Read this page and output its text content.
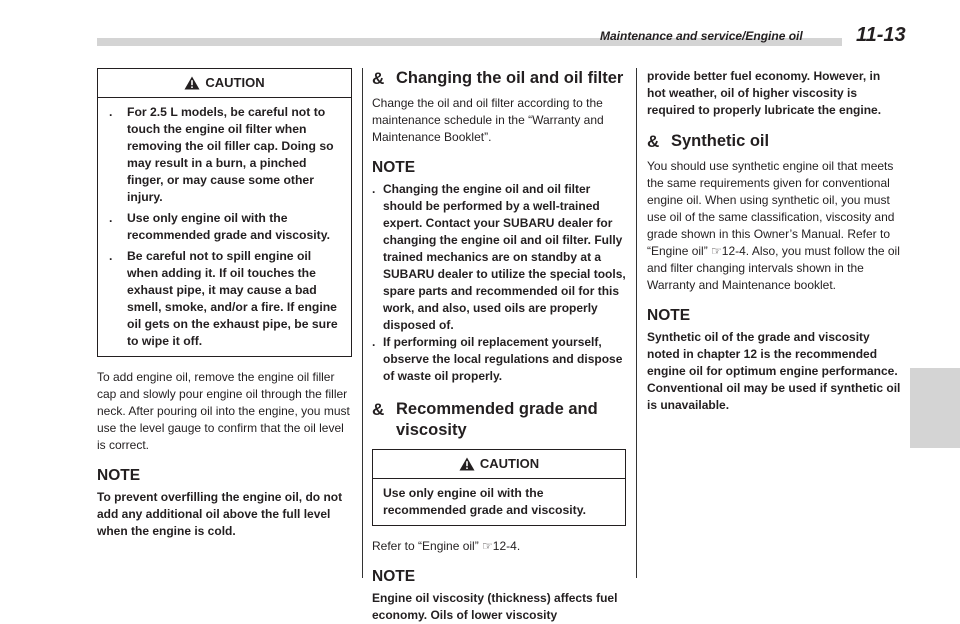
Maintenance and service/Engine oil	11-13
CAUTION
. For 2.5 L models, be careful not to touch the engine oil filter when removing the oil filler cap. Doing so may result in a burn, a pinched finger, or may cause some other injury.
. Use only engine oil with the recommended grade and viscosity.
. Be careful not to spill engine oil when adding it. If oil touches the exhaust pipe, it may cause a bad smell, smoke, and/or a fire. If engine oil gets on the exhaust pipe, be sure to wipe it off.

To add engine oil, remove the engine oil filler cap and slowly pour engine oil through the filler neck. After pouring oil into the engine, you must use the level gauge to confirm that the oil level is correct.

NOTE

To prevent overfilling the engine oil, do not add any additional oil above the full level when the engine is cold.

& Changing the oil and oil filter

Change the oil and oil filter according to the maintenance schedule in the “Warranty and Maintenance Booklet”.

NOTE

. Changing the engine oil and oil filter should be performed by a well-trained expert. Contact your SUBARU dealer for changing the engine oil and oil filter. Fully trained mechanics are on standby at a SUBARU dealer to utilize the special tools, spare parts and recommended oil for this work, and also, used oils are properly disposed of.

. If performing oil replacement yourself, observe the local regulations and dispose of waste oil properly.

& Recommended grade and viscosity
CAUTION
Use only engine oil with the recommended grade and viscosity.

Refer to “Engine oil” ☞12-4.

NOTE

Engine oil viscosity (thickness) affects fuel economy. Oils of lower viscosity

provide better fuel economy. However, in hot weather, oil of higher viscosity is required to properly lubricate the engine.

& Synthetic oil

You should use synthetic engine oil that meets the same requirements given for conventional engine oil. When using synthetic oil, you must use oil of the same classification, viscosity and grade shown in this Owner’s Manual. Refer to “Engine oil” ☞12-4. Also, you must follow the oil and filter changing intervals shown in the Warranty and Maintenance booklet.

NOTE

Synthetic oil of the grade and viscosity noted in chapter 12 is the recommended engine oil for optimum engine performance. Conventional oil may be used if synthetic oil is unavailable.
